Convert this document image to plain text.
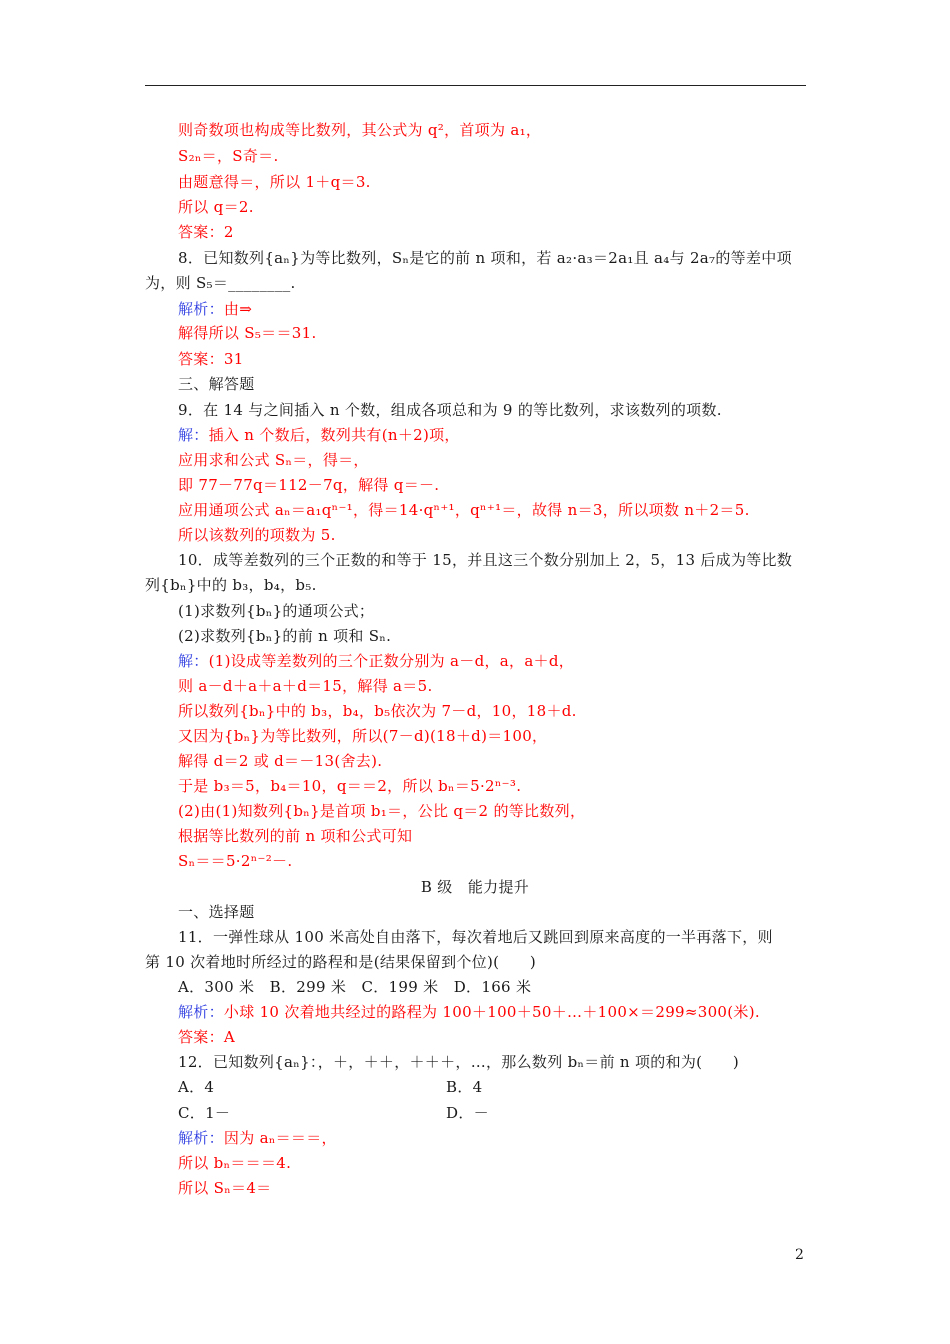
则奇数项也构成等比数列，其公式为 q²，首项为 a₁，
S₂ₙ＝，S奇＝.
由题意得＝，所以 1＋q＝3.
所以 q＝2.
答案：2
8．已知数列{aₙ}为等比数列，Sₙ是它的前 n 项和，若 a₂·a₃＝2a₁且 a₄与 2a₇的等差中项
为，则 S₅＝________.
解析：由⇒
解得所以 S₅＝＝31.
答案：31
三、解答题
9．在 14 与之间插入 n 个数，组成各项总和为 9 的等比数列，求该数列的项数.
解：插入 n 个数后，数列共有(n＋2)项，
应用求和公式 Sₙ＝，得＝，
即 77－77q＝112－7q，解得 q＝－.
应用通项公式 aₙ＝a₁qⁿ⁻¹，得＝14·qⁿ⁺¹，qⁿ⁺¹＝，故得 n＝3，所以项数 n＋2＝5.
所以该数列的项数为 5.
10．成等差数列的三个正数的和等于 15，并且这三个数分别加上 2，5，13 后成为等比数
列{bₙ}中的 b₃，b₄，b₅.
(1)求数列{bₙ}的通项公式；
(2)求数列{bₙ}的前 n 项和 Sₙ.
解：(1)设成等差数列的三个正数分别为 a－d，a，a＋d，
则 a－d＋a＋a＋d＝15，解得 a＝5.
所以数列{bₙ}中的 b₃，b₄，b₅依次为 7－d，10，18＋d.
又因为{bₙ}为等比数列，所以(7－d)(18＋d)＝100，
解得 d＝2 或 d＝－13(舍去).
于是 b₃＝5，b₄＝10，q＝＝2，所以 bₙ＝5·2ⁿ⁻³.
(2)由(1)知数列{bₙ}是首项 b₁＝，公比 q＝2 的等比数列，
根据等比数列的前 n 项和公式可知
Sₙ＝＝5·2ⁿ⁻²－.
B 级　能力提升
一、选择题
11．一弹性球从 100 米高处自由落下，每次着地后又跳回到原来高度的一半再落下，则
第 10 次着地时所经过的路程和是(结果保留到个位)(　　)
A．300 米　B．299 米　C．199 米　D．166 米
解析：小球 10 次着地共经过的路程为 100＋100＋50＋…＋100×＝299≈300(米).
答案：A
12．已知数列{aₙ}：，＋，＋＋，＋＋＋，…，那么数列 bₙ＝前 n 项的和为(　　)
A．4	B．4
C．1－	D．－
解析：因为 aₙ＝＝＝，
所以 bₙ＝＝＝4.
所以 Sₙ＝4＝
2
